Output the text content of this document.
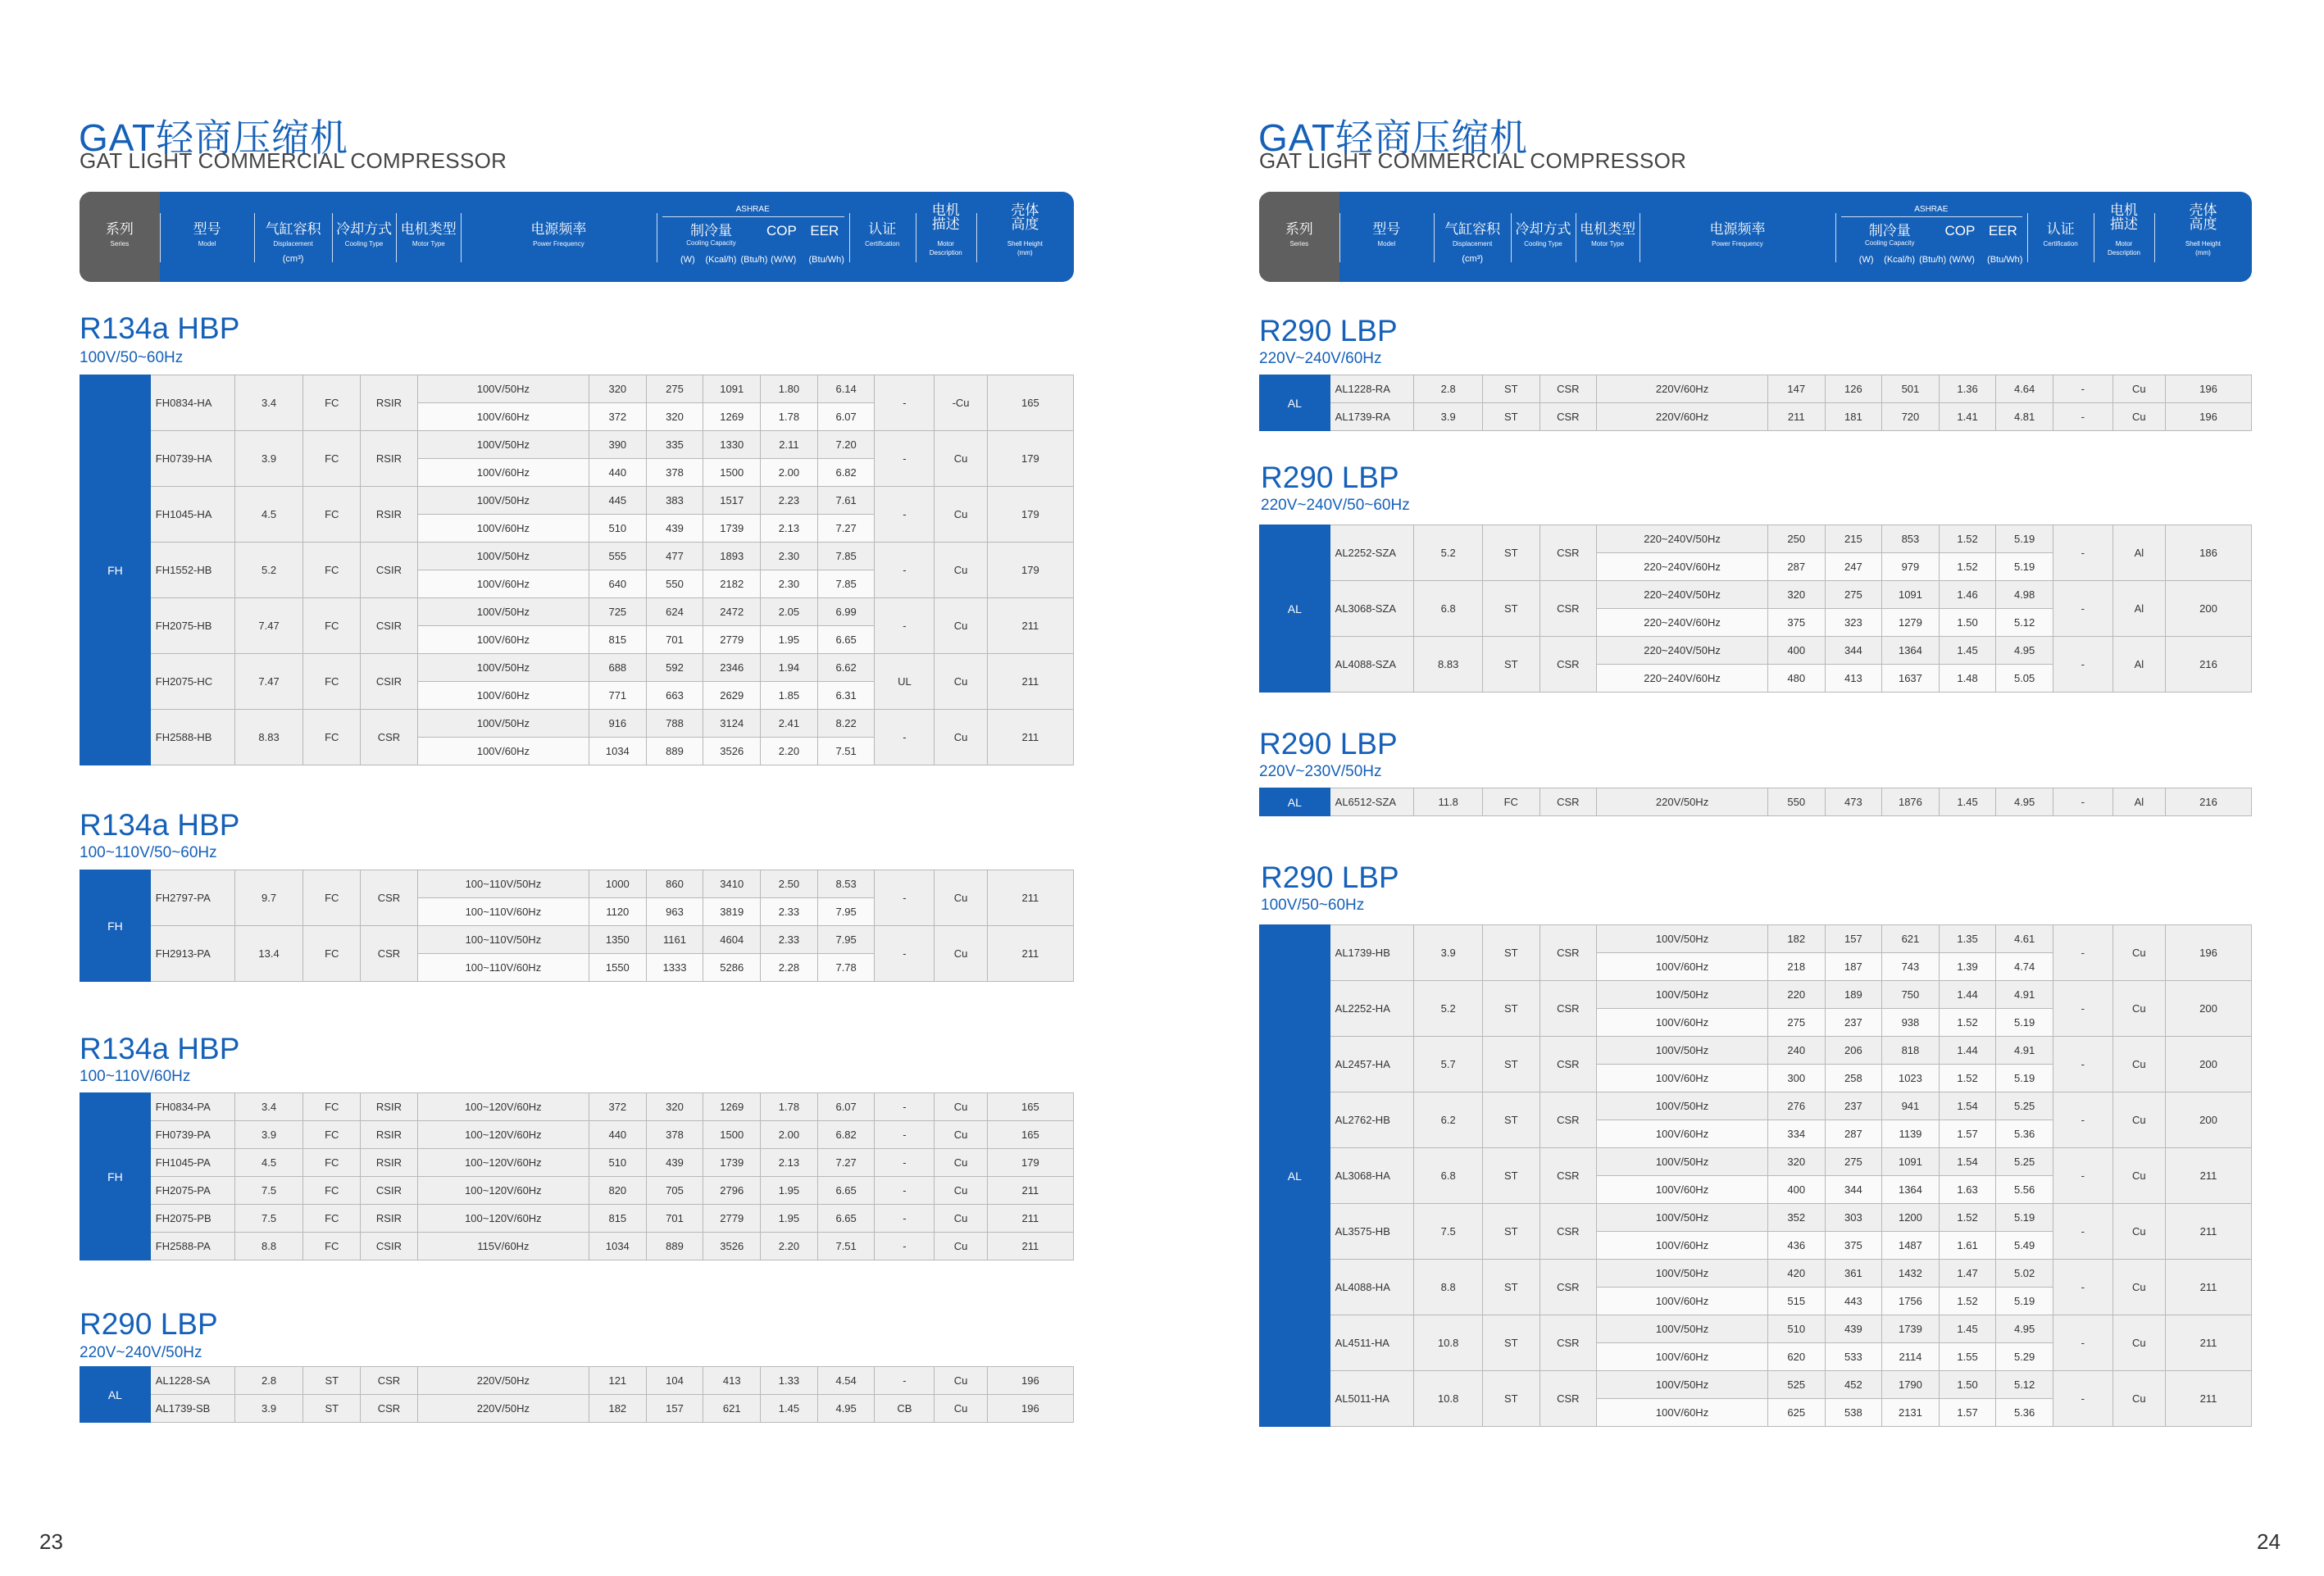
GAT轻商压缩机
GAT LIGHT COMMERCIAL COMPRESSOR
系列
Series
型号
Model
气缸容积
Displacement
(cm³)
冷却方式
Cooling Type
电机类型
Motor Type
电源频率
Power Frequency
认证
Certification
电机
描述
Motor
Description
壳体
高度
Shell Height
(mm)
ASHRAE
制冷量
Cooling Capacity
COP EER
(W)	(Kcal/h) (Btu/h) (W/W)	(Btu/Wh)
R134a HBP
100V/50~60Hz
FH	FH0834-HA	3.4	FC	RSIR	100V/50Hz	320	275	1091	1.80	6.14	-	-Cu	165
					100V/60Hz	372	320	1269	1.78	6.07			
	FH0739-HA	3.9	FC	RSIR	100V/50Hz	390	335	1330	2.11	7.20	-	Cu	179
					100V/60Hz	440	378	1500	2.00	6.82			
	FH1045-HA	4.5	FC	RSIR	100V/50Hz	445	383	1517	2.23	7.61	-	Cu	179
					100V/60Hz	510	439	1739	2.13	7.27			
	FH1552-HB	5.2	FC	CSIR	100V/50Hz	555	477	1893	2.30	7.85	-	Cu	179
					100V/60Hz	640	550	2182	2.30	7.85			
	FH2075-HB	7.47	FC	CSIR	100V/50Hz	725	624	2472	2.05	6.99	-	Cu	211
					100V/60Hz	815	701	2779	1.95	6.65			
	FH2075-HC	7.47	FC	CSIR	100V/50Hz	688	592	2346	1.94	6.62	UL	Cu	211
					100V/60Hz	771	663	2629	1.85	6.31			
	FH2588-HB	8.83	FC	CSR	100V/50Hz	916	788	3124	2.41	8.22	-	Cu	211
					100V/60Hz	1034	889	3526	2.20	7.51			
R134a HBP
100~110V/50~60Hz
FH	FH2797-PA	9.7	FC	CSR	100~110V/50Hz	1000	860	3410	2.50	8.53	-	Cu	211
					100~110V/60Hz	1120	963	3819	2.33	7.95			
	FH2913-PA	13.4	FC	CSR	100~110V/50Hz	1350	1161	4604	2.33	7.95	-	Cu	211
					100~110V/60Hz	1550	1333	5286	2.28	7.78			
R134a HBP
100~110V/60Hz
FH	FH0834-PA	3.4	FC	RSIR	100~120V/60Hz	372	320	1269	1.78	6.07	-	Cu	165
	FH0739-PA	3.9	FC	RSIR	100~120V/60Hz	440	378	1500	2.00	6.82	-	Cu	165
	FH1045-PA	4.5	FC	RSIR	100~120V/60Hz	510	439	1739	2.13	7.27	-	Cu	179
	FH2075-PA	7.5	FC	CSIR	100~120V/60Hz	820	705	2796	1.95	6.65	-	Cu	211
	FH2075-PB	7.5	FC	RSIR	100~120V/60Hz	815	701	2779	1.95	6.65	-	Cu	211
	FH2588-PA	8.8	FC	CSIR	115V/60Hz	1034	889	3526	2.20	7.51	-	Cu	211
R290 LBP
220V~240V/50Hz
AL	AL1228-SA	2.8	ST	CSR	220V/50Hz	121	104	413	1.33	4.54	-	Cu	196
	AL1739-SB	3.9	ST	CSR	220V/50Hz	182	157	621	1.45	4.95	CB	Cu	196
23
GAT轻商压缩机
GAT LIGHT COMMERCIAL COMPRESSOR
系列
Series
型号
Model
气缸容积
Displacement
(cm³)
冷却方式
Cooling Type
电机类型
Motor Type
电源频率
Power Frequency
认证
Certification
电机
描述
Motor
Description
壳体
高度
Shell Height
(mm)
ASHRAE
制冷量
Cooling Capacity
COP EER
(W)	(Kcal/h) (Btu/h) (W/W)	(Btu/Wh)
R290 LBP
220V~240V/60Hz
AL	AL1228-RA	2.8	ST	CSR	220V/60Hz	147	126	501	1.36	4.64	-	Cu	196
	AL1739-RA	3.9	ST	CSR	220V/60Hz	211	181	720	1.41	4.81	-	Cu	196
R290 LBP
220V~240V/50~60Hz
AL	AL2252-SZA	5.2	ST	CSR	220~240V/50Hz	250	215	853	1.52	5.19	-	Al	186
					220~240V/60Hz	287	247	979	1.52	5.19			
	AL3068-SZA	6.8	ST	CSR	220~240V/50Hz	320	275	1091	1.46	4.98	-	Al	200
					220~240V/60Hz	375	323	1279	1.50	5.12			
	AL4088-SZA	8.83	ST	CSR	220~240V/50Hz	400	344	1364	1.45	4.95	-	Al	216
					220~240V/60Hz	480	413	1637	1.48	5.05			
R290 LBP
220V~230V/50Hz
AL	AL6512-SZA	11.8	FC	CSR	220V/50Hz	550	473	1876	1.45	4.95	-	Al	216
R290 LBP
100V/50~60Hz
AL	AL1739-HB	3.9	ST	CSR	100V/50Hz	182	157	621	1.35	4.61	-	Cu	196
					100V/60Hz	218	187	743	1.39	4.74			
	AL2252-HA	5.2	ST	CSR	100V/50Hz	220	189	750	1.44	4.91	-	Cu	200
					100V/60Hz	275	237	938	1.52	5.19			
	AL2457-HA	5.7	ST	CSR	100V/50Hz	240	206	818	1.44	4.91	-	Cu	200
					100V/60Hz	300	258	1023	1.52	5.19			
	AL2762-HB	6.2	ST	CSR	100V/50Hz	276	237	941	1.54	5.25	-	Cu	200
					100V/60Hz	334	287	1139	1.57	5.36			
	AL3068-HA	6.8	ST	CSR	100V/50Hz	320	275	1091	1.54	5.25	-	Cu	211
					100V/60Hz	400	344	1364	1.63	5.56			
	AL3575-HB	7.5	ST	CSR	100V/50Hz	352	303	1200	1.52	5.19	-	Cu	211
					100V/60Hz	436	375	1487	1.61	5.49			
	AL4088-HA	8.8	ST	CSR	100V/50Hz	420	361	1432	1.47	5.02	-	Cu	211
					100V/60Hz	515	443	1756	1.52	5.19			
	AL4511-HA	10.8	ST	CSR	100V/50Hz	510	439	1739	1.45	4.95	-	Cu	211
					100V/60Hz	620	533	2114	1.55	5.29			
	AL5011-HA	10.8	ST	CSR	100V/50Hz	525	452	1790	1.50	5.12	-	Cu	211
					100V/60Hz	625	538	2131	1.57	5.36			
24
